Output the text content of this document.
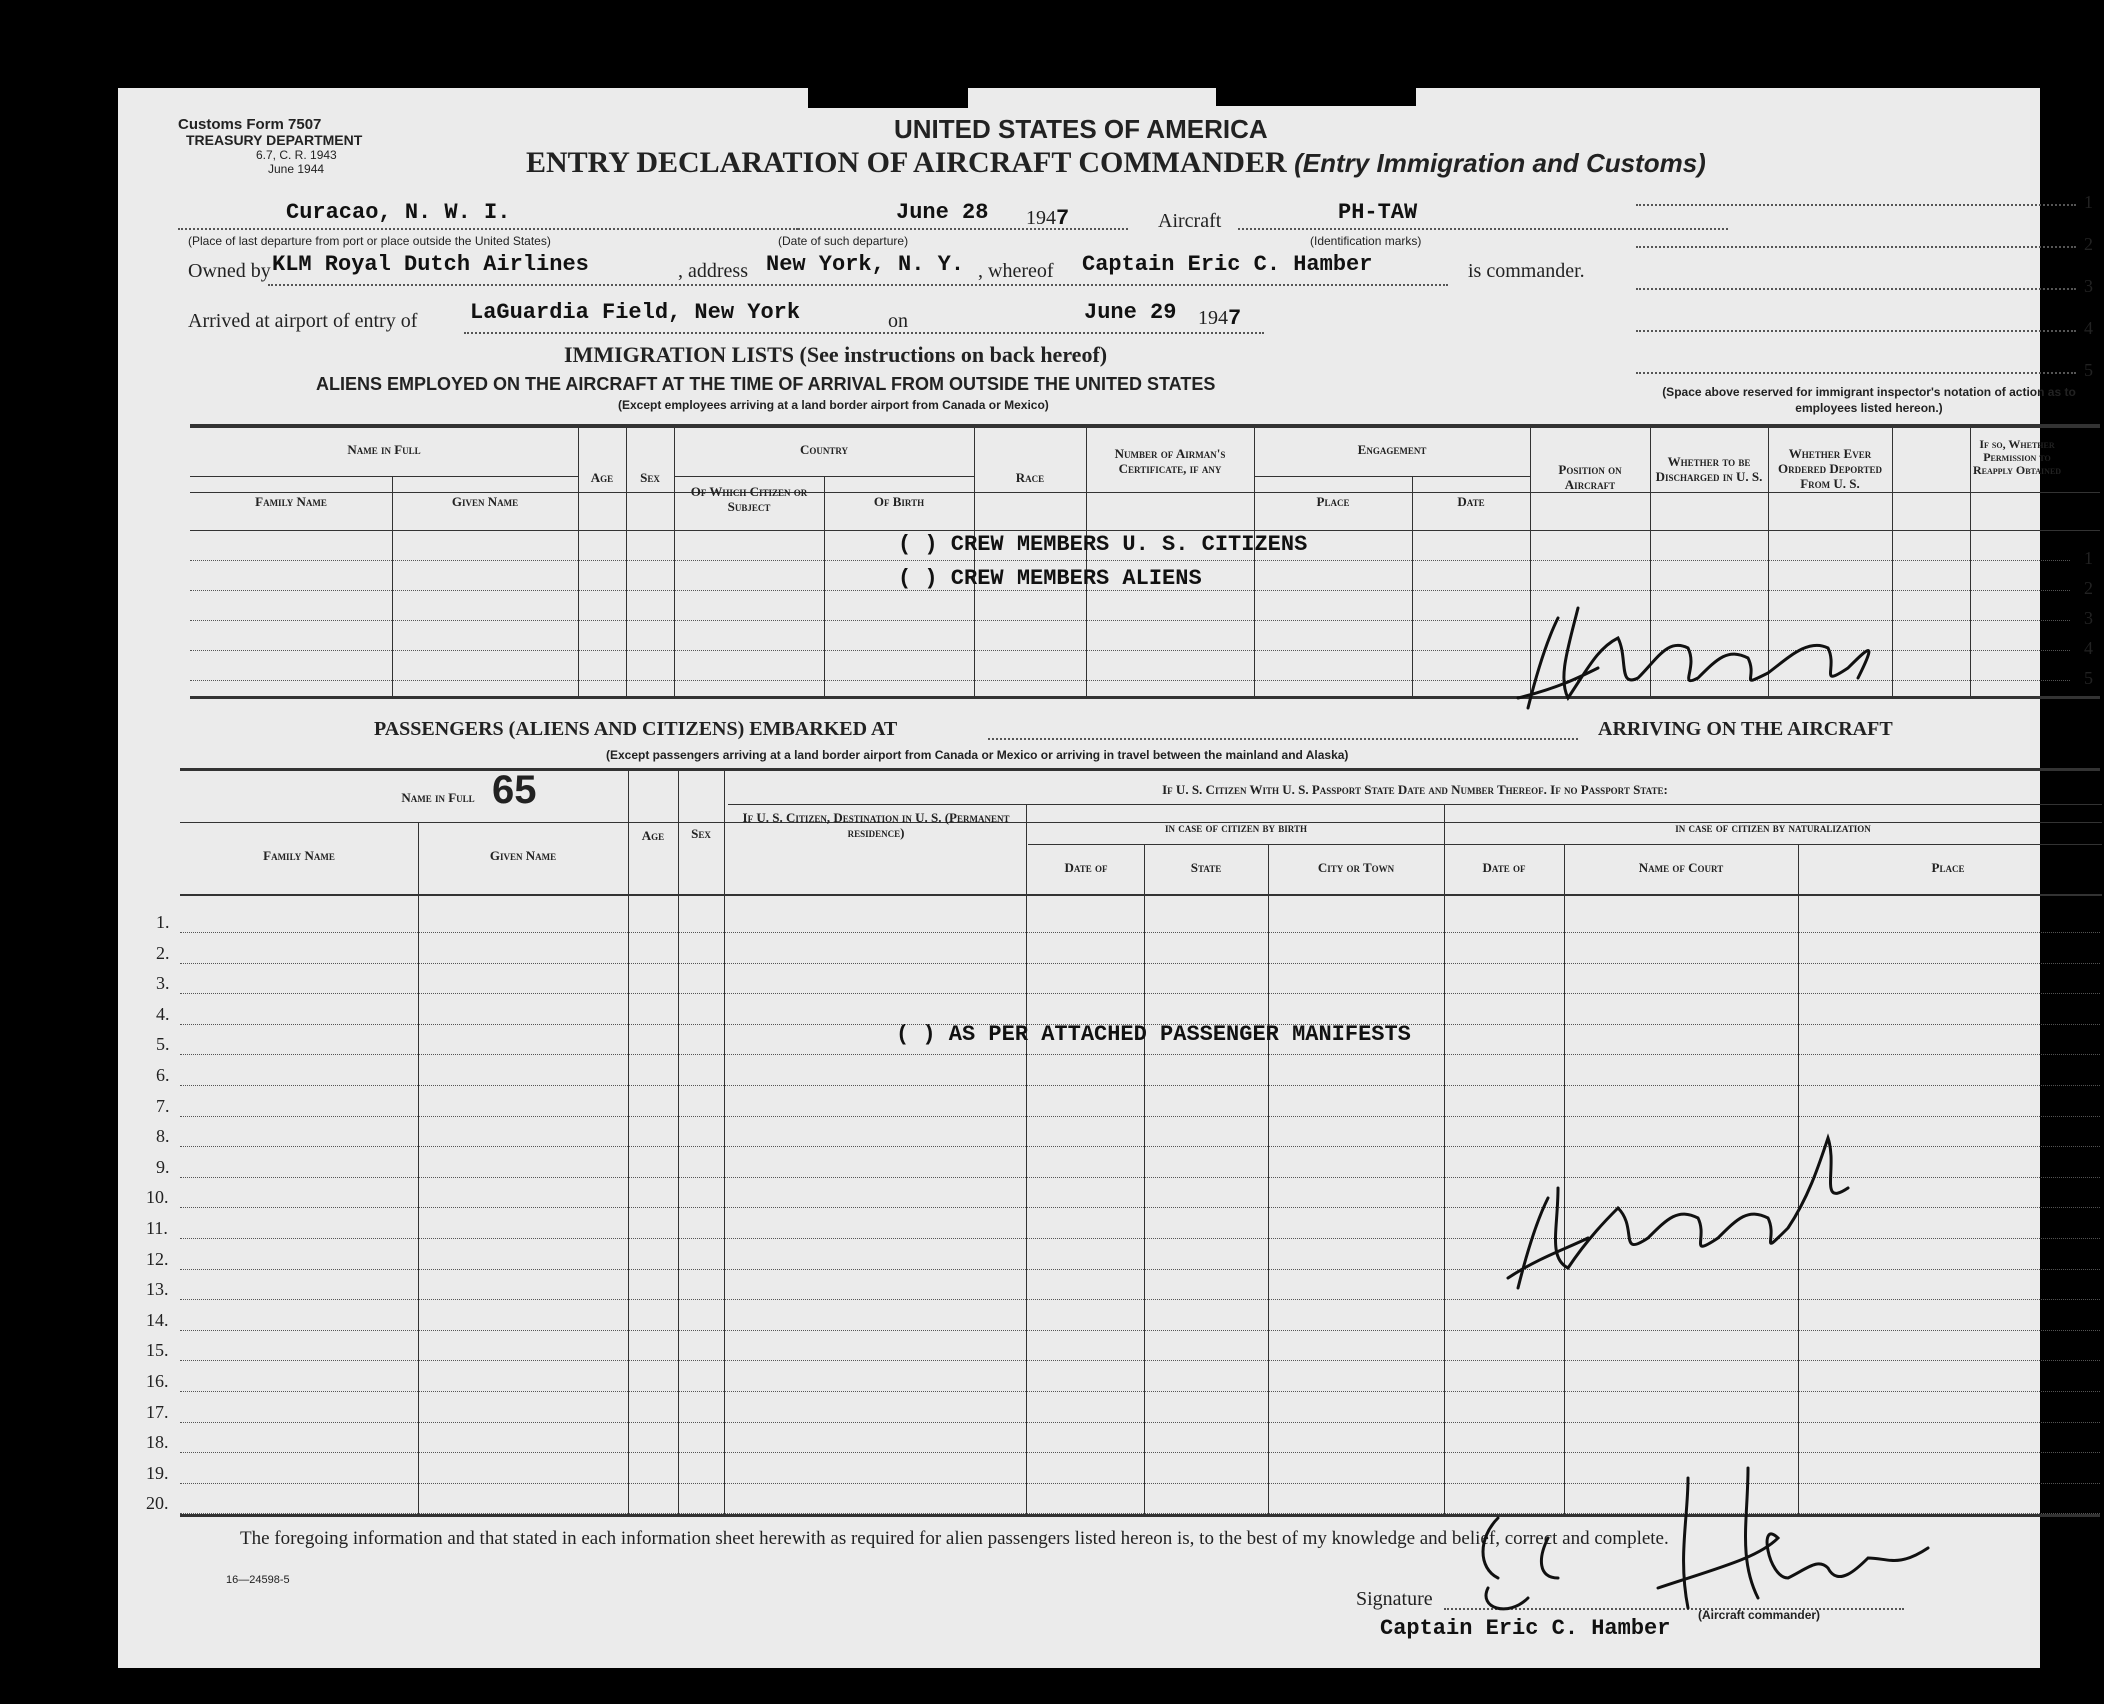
Customs Form 7507
TREASURY DEPARTMENT
6.7, C. R. 1943
June 1944
UNITED STATES OF AMERICA
ENTRY DECLARATION OF AIRCRAFT COMMANDER (Entry Immigration and Customs)
Curacao, N. W. I.
(Place of last departure from port or place outside the United States)
June 28 1947
(Date of such departure)
Aircraft	PH-TAW
(Identification marks)
Owned by KLM Royal Dutch Airlines	, address New York, N. Y. , whereof Captain Eric C. Hamber	is commander.
Arrived at airport of entry of LaGuardia Field, New York	on	June 29 1947
1
2
3
4
5
(Space above reserved for immigrant inspector's notation of action as to employees listed hereon.)
IMMIGRATION LISTS (See instructions on back hereof)
ALIENS EMPLOYED ON THE AIRCRAFT AT THE TIME OF ARRIVAL FROM OUTSIDE THE UNITED STATES
(Except employees arriving at a land border airport from Canada or Mexico)
Name in Full
Family Name	Given Name
Age	Sex
Country
Of Which Citizen or Subject	Of Birth
Race
Number of Airman's Certificate, if any
Engagement
Place	Date
Position on Aircraft
Whether to be Discharged in U. S.
Whether Ever Ordered Deported From U. S.
If so, Whether Permission to Reapply Obtained
( ) CREW MEMBERS U. S. CITIZENS
( ) CREW MEMBERS ALIENS
1
2
3
4
5
PASSENGERS (ALIENS AND CITIZENS) EMBARKED AT	ARRIVING ON THE AIRCRAFT
(Except passengers arriving at a land border airport from Canada or Mexico or arriving in travel between the mainland and Alaska)
Name in Full 65
Family Name	Given Name
Age	Sex
If U. S. Citizen, Destination in U. S. (Permanent residence)
If U. S. Citizen With U. S. Passport State Date and Number Thereof. If no Passport State:
in case of citizen by birth
Date of	State	City or Town
in case of citizen by naturalization
Date of	Name of Court	Place
( ) AS PER ATTACHED PASSENGER MANIFESTS
1.
2.
3.
4.
5.
6.
7.
8.
9.
10.
11.
12.
13.
14.
15.
16.
17.
18.
19.
20.
The foregoing information and that stated in each information sheet herewith as required for alien passengers listed hereon is, to the best of my knowledge and belief, correct and complete.
16—24598-5
Signature
(Aircraft commander)
Captain Eric C. Hamber
